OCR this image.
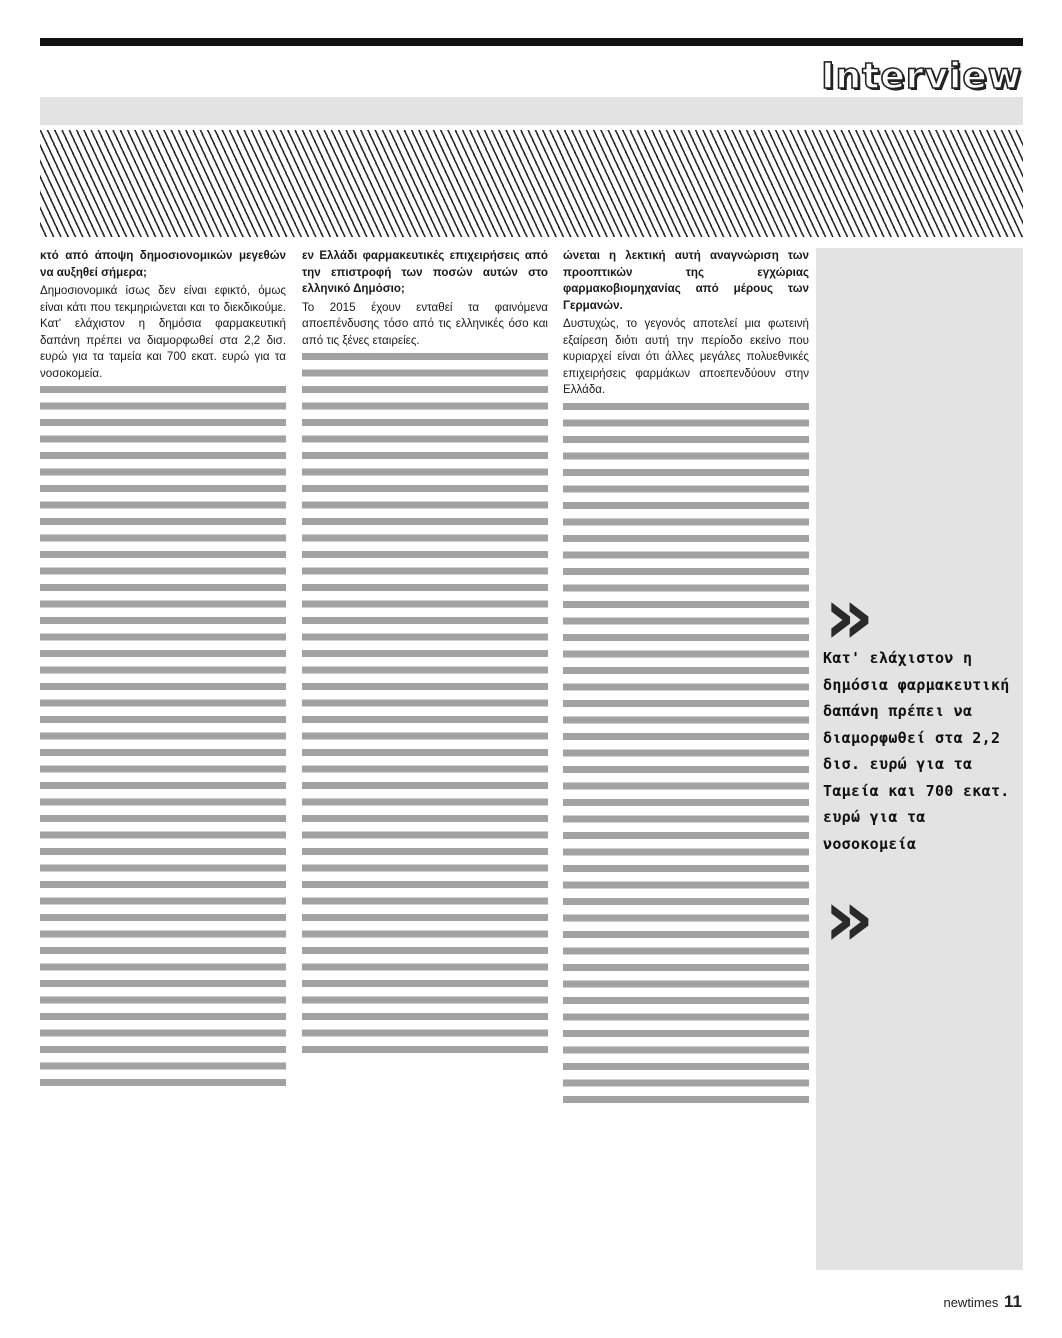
Interview

κτό από άποψη δημοσιονομικών μεγεθών να αυξηθεί σήμερα;

Δημοσιονομικά ίσως δεν είναι εφικτό, όμως είναι κάτι που τεκμηριώνεται και το διεκδικούμε. Κατ' ελάχιστον η δημόσια φαρμακευτική δαπάνη πρέπει να διαμορφωθεί στα 2,2 δισ. ευρώ για τα ταμεία και 700 εκατ. ευρώ για τα νοσοκομεία.

εν Ελλάδι φαρμακευτικές επιχειρήσεις από την επιστροφή των ποσών αυτών στο ελληνικό Δημόσιο;

Το 2015 έχουν ενταθεί τα φαινόμενα αποεπένδυσης τόσο από τις ελληνικές όσο και από τις ξένες εταιρείες.

ώνεται η λεκτική αυτή αναγνώριση των προοπτικών της εγχώριας φαρμακοβιομηχανίας από μέρους των Γερμανών.

Δυστυχώς, το γεγονός αποτελεί μια φωτεινή εξαίρεση διότι αυτή την περίοδο εκείνο που κυριαρχεί είναι ότι άλλες μεγάλες πολυεθνικές επιχειρήσεις φαρμάκων αποεπενδύουν στην Ελλάδα.

»
Κατ' ελάχιστον η δημόσια φαρμακευτική δαπάνη πρέπει να διαμορφωθεί στα 2,2 δισ. ευρώ για τα Ταμεία και 700 εκατ. ευρώ για τα νοσοκομεία
»
newtimes 11
